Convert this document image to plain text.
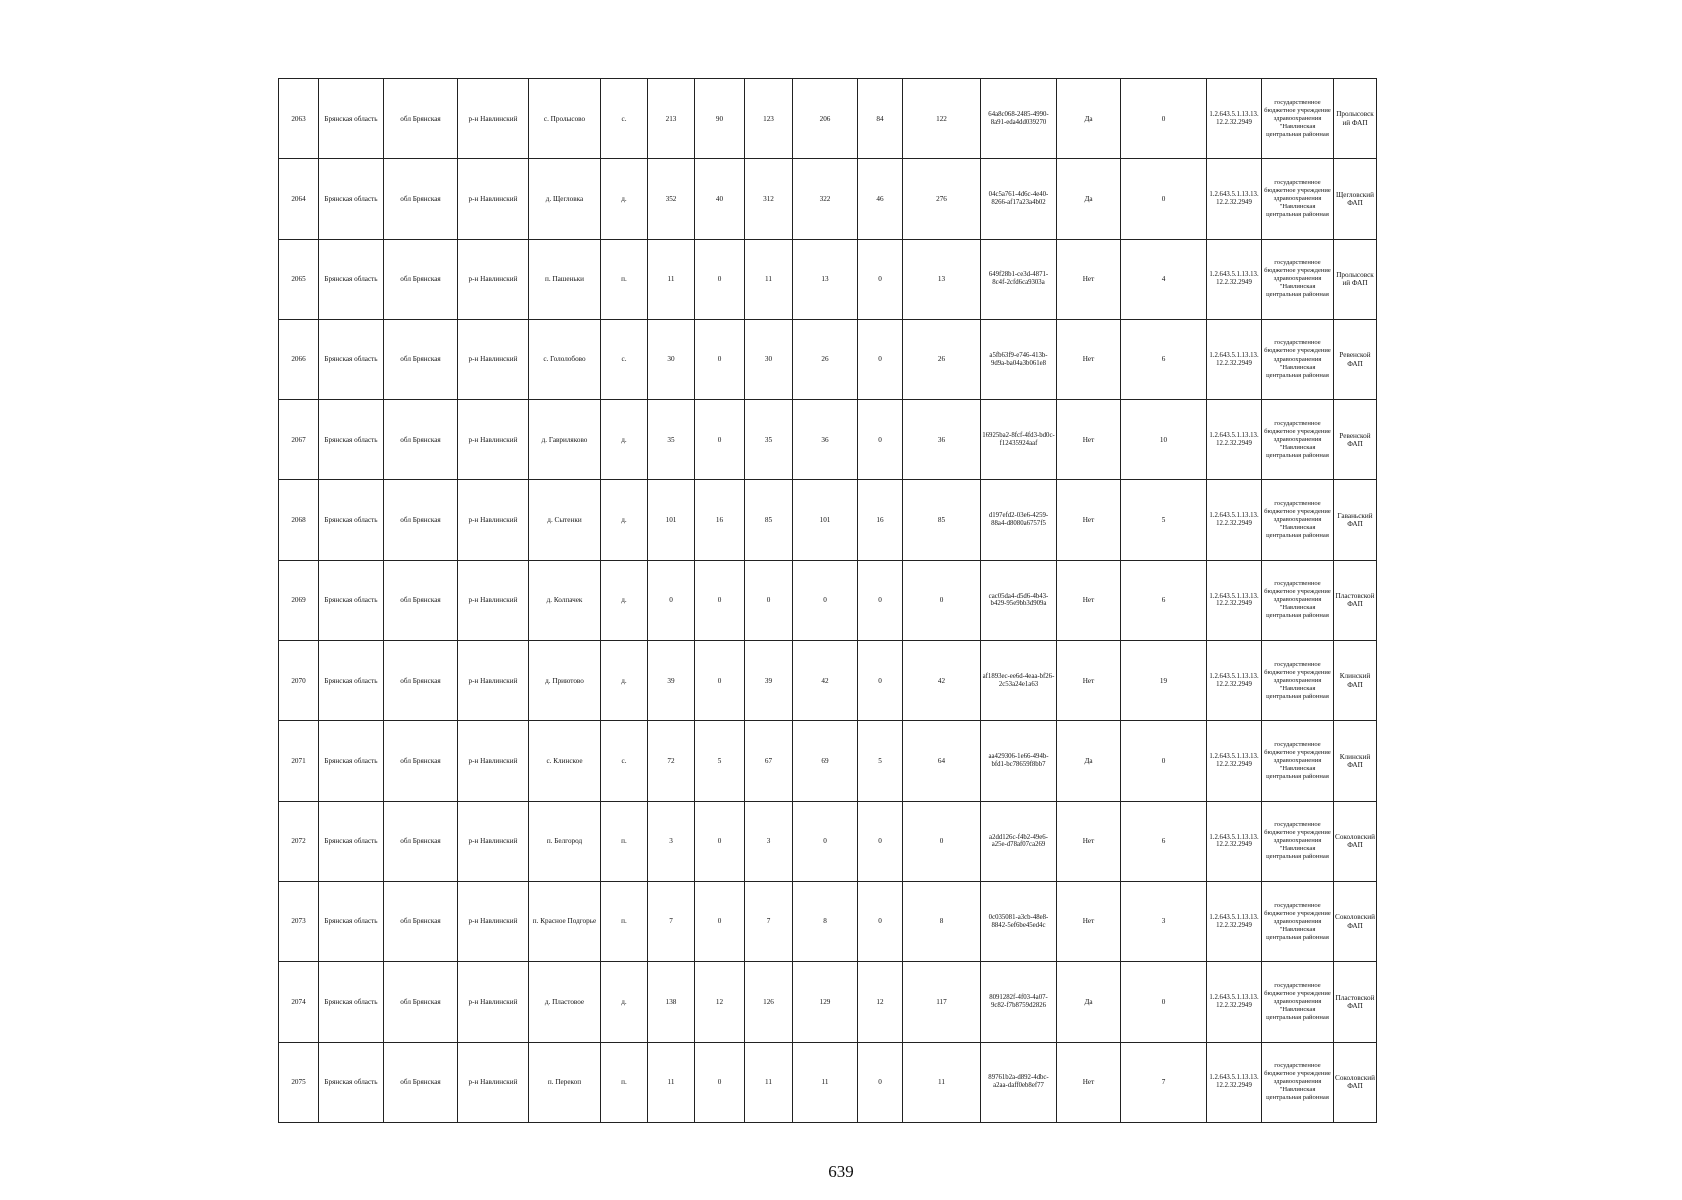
2063	Брянская область	обл Брянская	р-н Навлинский	с. Пролысово	с.	213	90	123	206	84	122	64a8c068-2485-4990-8a91-eda4dd039270	Да	0	1.2.643.5.1.13.13.12.2.32.2949	государственное бюджетное учреждение здравоохранения "Навлинская центральная районная	Пролысовский ФАП
2064	Брянская область	обл Брянская	р-н Навлинский	д. Щегловка	д.	352	40	312	322	46	276	04c5a761-4d6c-4e40-8266-af17a23a4b02	Да	0	1.2.643.5.1.13.13.12.2.32.2949	государственное бюджетное учреждение здравоохранения "Навлинская центральная районная	Щегловский ФАП
2065	Брянская область	обл Брянская	р-н Навлинский	п. Пашеньки	п.	11	0	11	13	0	13	649f28b1-ce3d-4871-8c4f-2cfd6ca9303a	Нет	4	1.2.643.5.1.13.13.12.2.32.2949	государственное бюджетное учреждение здравоохранения "Навлинская центральная районная	Пролысовский ФАП
2066	Брянская область	обл Брянская	р-н Навлинский	с. Гололобово	с.	30	0	30	26	0	26	a5fb63f9-e746-413b-9d9a-ba04a3b061e8	Нет	6	1.2.643.5.1.13.13.12.2.32.2949	государственное бюджетное учреждение здравоохранения "Навлинская центральная районная	Ревенской ФАП
2067	Брянская область	обл Брянская	р-н Навлинский	д. Гавриляково	д.	35	0	35	36	0	36	16925ba2-8fcf-4fd3-bd0c-f12435924aaf	Нет	10	1.2.643.5.1.13.13.12.2.32.2949	государственное бюджетное учреждение здравоохранения "Навлинская центральная районная	Ревенской ФАП
2068	Брянская область	обл Брянская	р-н Навлинский	д. Сытенки	д.	101	16	85	101	16	85	d197efd2-03e6-4259-88a4-d8080a6757f5	Нет	5	1.2.643.5.1.13.13.12.2.32.2949	государственное бюджетное учреждение здравоохранения "Навлинская центральная районная	Гаваньский ФАП
2069	Брянская область	обл Брянская	р-н Навлинский	д. Колпачек	д.	0	0	0	0	0	0	cac05da4-d5d6-4b43-b429-95e9bb3d909a	Нет	6	1.2.643.5.1.13.13.12.2.32.2949	государственное бюджетное учреждение здравоохранения "Навлинская центральная районная	Пластовской ФАП
2070	Брянская область	обл Брянская	р-н Навлинский	д. Приютово	д.	39	0	39	42	0	42	af1893ec-ee6d-4eaa-bf26-2c53a24e1a63	Нет	19	1.2.643.5.1.13.13.12.2.32.2949	государственное бюджетное учреждение здравоохранения "Навлинская центральная районная	Клинский ФАП
2071	Брянская область	обл Брянская	р-н Навлинский	с. Клинское	с.	72	5	67	69	5	64	aa429306-1e66-494b-bfd1-bc78659f8bb7	Да	0	1.2.643.5.1.13.13.12.2.32.2949	государственное бюджетное учреждение здравоохранения "Навлинская центральная районная	Клинский ФАП
2072	Брянская область	обл Брянская	р-н Навлинский	п. Белгород	п.	3	0	3	0	0	0	a2dd126c-f4b2-49e6-a25e-d78af07ca269	Нет	6	1.2.643.5.1.13.13.12.2.32.2949	государственное бюджетное учреждение здравоохранения "Навлинская центральная районная	Соколовский ФАП
2073	Брянская область	обл Брянская	р-н Навлинский	п. Красное Подгорье	п.	7	0	7	8	0	8	0c035081-a3cb-48e8-8842-5ef6be45ed4c	Нет	3	1.2.643.5.1.13.13.12.2.32.2949	государственное бюджетное учреждение здравоохранения "Навлинская центральная районная	Соколовский ФАП
2074	Брянская область	обл Брянская	р-н Навлинский	д. Пластовое	д.	138	12	126	129	12	117	8091282f-4f03-4a07-9c82-f7b8759d2826	Да	0	1.2.643.5.1.13.13.12.2.32.2949	государственное бюджетное учреждение здравоохранения "Навлинская центральная районная	Пластовской ФАП
2075	Брянская область	обл Брянская	р-н Навлинский	п. Перекоп	п.	11	0	11	11	0	11	89761b2a-d892-4dbc-a2aa-daff0eb8ef77	Нет	7	1.2.643.5.1.13.13.12.2.32.2949	государственное бюджетное учреждение здравоохранения "Навлинская центральная районная	Соколовский ФАП
639
